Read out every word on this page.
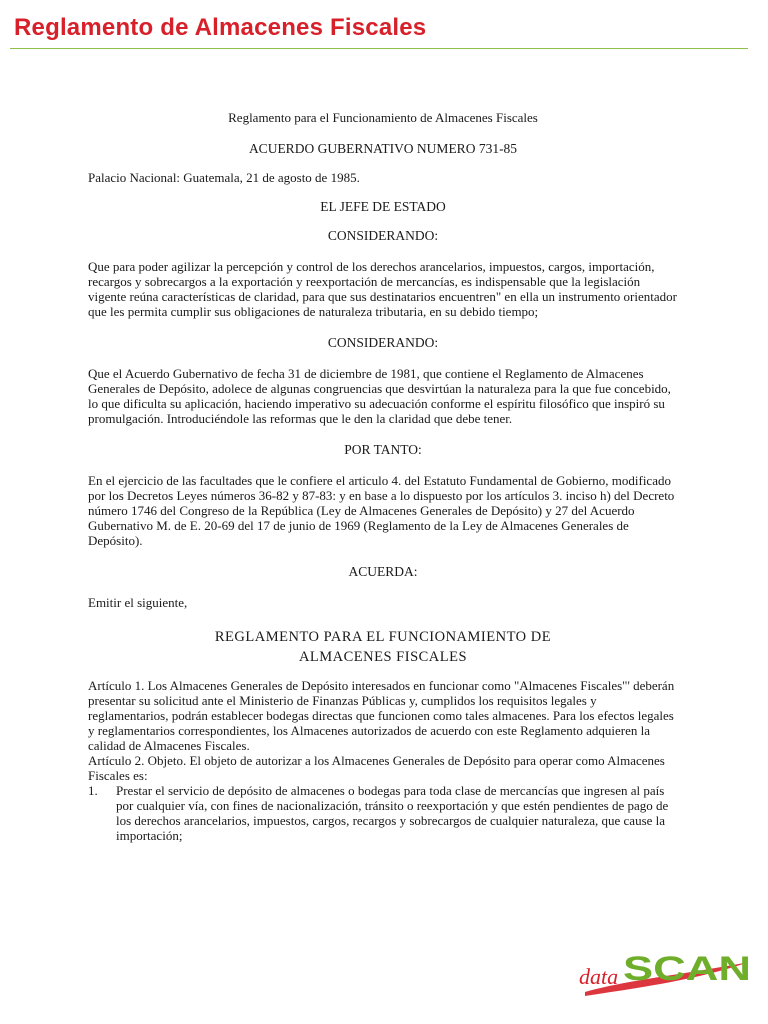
Reglamento de Almacenes Fiscales

Reglamento para el Funcionamiento de Almacenes Fiscales

ACUERDO GUBERNATIVO NUMERO 731-85

Palacio Nacional: Guatemala, 21 de agosto de 1985.

EL JEFE DE ESTADO

CONSIDERANDO:

Que para poder agilizar la percepción y control de los derechos arancelarios, impuestos, cargos, importación, recargos y sobrecargos a la exportación y reexportación de mercancías, es indispensable que la legislación vigente reúna características de claridad, para que sus destinatarios encuentren" en ella un instrumento orientador que les permita cumplir sus obligaciones de naturaleza tributaria, en su debido tiempo;

CONSIDERANDO:

Que el Acuerdo Gubernativo de fecha 31 de diciembre de 1981, que contiene el Reglamento de Almacenes Generales de Depósito, adolece de algunas congruencias que desvirtúan la naturaleza para la que fue concebido, lo que dificulta su aplicación, haciendo imperativo su adecuación conforme el espíritu filosófico que inspiró su promulgación. Introduciéndole las reformas que le den la claridad que debe tener.

POR TANTO:

En el ejercicio de las facultades que le confiere el articulo 4. del Estatuto Fundamental de Gobierno, modificado por los Decretos Leyes números 36-82 y 87-83: y en base a lo dispuesto por los artículos 3. inciso h) del Decreto número 1746 del Congreso de la República (Ley de Almacenes Generales de Depósito) y 27 del Acuerdo Gubernativo M. de E. 20-69 del 17 de junio de 1969 (Reglamento de la Ley de Almacenes Generales de Depósito).

ACUERDA:

Emitir el siguiente,

REGLAMENTO PARA EL FUNCIONAMIENTO DE
ALMACENES FISCALES

Artículo 1. Los Almacenes Generales de Depósito interesados en funcionar como "Almacenes Fiscales"' deberán presentar su solicitud ante el Ministerio de Finanzas Públicas y, cumplidos los requisitos legales y reglamentarios, podrán establecer bodegas directas que funcionen como tales almacenes. Para los efectos legales y reglamentarios correspondientes, los Almacenes autorizados de acuerdo con este Reglamento adquieren la calidad de Almacenes Fiscales.

Artículo 2. Objeto. El objeto de autorizar a los Almacenes Generales de Depósito para operar como Almacenes Fiscales es:

1. Prestar el servicio de depósito de almacenes o bodegas para toda clase de mercancías que ingresen al país por cualquier vía, con fines de nacionalización, tránsito o reexportación y que estén pendientes de pago de los derechos arancelarios, impuestos, cargos, recargos y sobrecargos de cualquier naturaleza, que cause la importación;
data SCAN
